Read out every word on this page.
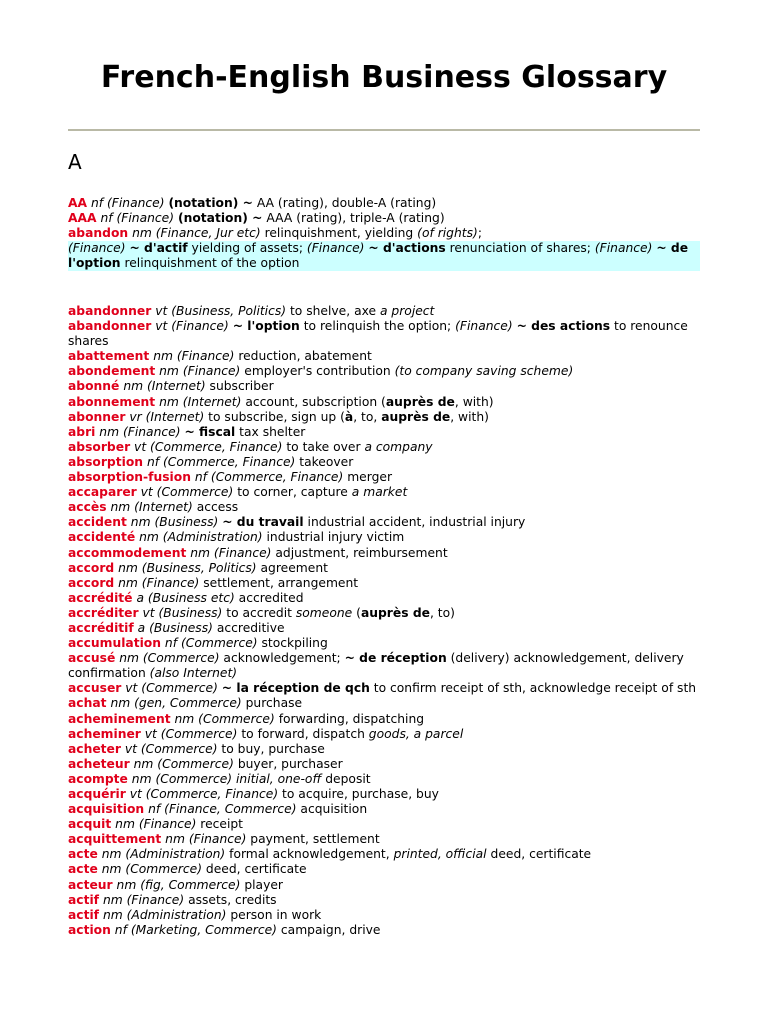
French-English Business Glossary
A

AA nf (Finance) (notation) ~ AA (rating), double-A (rating)

AAA nf (Finance) (notation) ~ AAA (rating), triple-A (rating)

abandon nm (Finance, Jur etc) relinquishment, yielding (of rights);

(Finance) ~ d'actif yielding of assets; (Finance) ~ d'actions renunciation of shares; (Finance) ~ de l'option relinquishment of the option

abandonner vt (Business, Politics) to shelve, axe a project

abandonner vt (Finance) ~ l'option to relinquish the option; (Finance) ~ des actions to renounce shares

abattement nm (Finance) reduction, abatement

abondement nm (Finance) employer's contribution (to company saving scheme)

abonné nm (Internet) subscriber

abonnement nm (Internet) account, subscription (auprès de, with)

abonner vr (Internet) to subscribe, sign up (à, to, auprès de, with)

abri nm (Finance) ~ fiscal tax shelter

absorber vt (Commerce, Finance) to take over a company

absorption nf (Commerce, Finance) takeover

absorption-fusion nf (Commerce, Finance) merger

accaparer vt (Commerce) to corner, capture a market

accès nm (Internet) access

accident nm (Business) ~ du travail industrial accident, industrial injury

accidenté nm (Administration) industrial injury victim

accommodement nm (Finance) adjustment, reimbursement

accord nm (Business, Politics) agreement

accord nm (Finance) settlement, arrangement

accrédité a (Business etc) accredited

accréditer vt (Business) to accredit someone (auprès de, to)

accréditif a (Business) accreditive

accumulation nf (Commerce) stockpiling

accusé nm (Commerce) acknowledgement; ~ de réception (delivery) acknowledgement, delivery confirmation (also Internet)

accuser vt (Commerce) ~ la réception de qch to confirm receipt of sth, acknowledge receipt of sth

achat nm (gen, Commerce) purchase

acheminement nm (Commerce) forwarding, dispatching

acheminer vt (Commerce) to forward, dispatch goods, a parcel

acheter vt (Commerce) to buy, purchase

acheteur nm (Commerce) buyer, purchaser

acompte nm (Commerce) initial, one-off deposit

acquérir vt (Commerce, Finance) to acquire, purchase, buy

acquisition nf (Finance, Commerce) acquisition

acquit nm (Finance) receipt

acquittement nm (Finance) payment, settlement

acte nm (Administration) formal acknowledgement, printed, official deed, certificate

acte nm (Commerce) deed, certificate

acteur nm (fig, Commerce) player

actif nm (Finance) assets, credits

actif nm (Administration) person in work

action nf (Marketing, Commerce) campaign, drive
